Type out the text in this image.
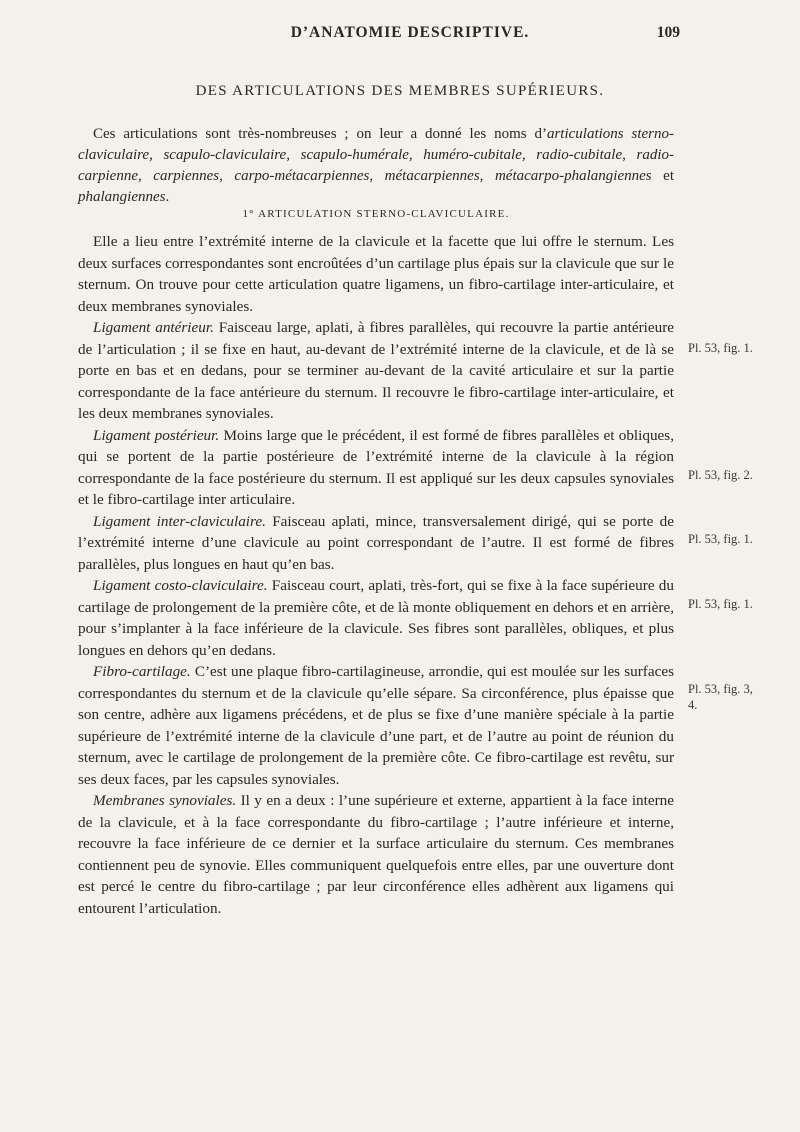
D’ANATOMIE DESCRIPTIVE.	109
DES ARTICULATIONS DES MEMBRES SUPÉRIEURS.

Ces articulations sont très-nombreuses ; on leur a donné les noms d’articulations sterno-claviculaire, scapulo-claviculaire, scapulo-humérale, huméro-cubitale, radio-cubitale, radio-carpienne, carpiennes, carpo-métacarpiennes, métacarpiennes, métacarpo-phalangiennes et phalangiennes.

1° ARTICULATION STERNO-CLAVICULAIRE.

Elle a lieu entre l’extrémité interne de la clavicule et la facette que lui offre le sternum. Les deux surfaces correspondantes sont encroûtées d’un cartilage plus épais sur la clavicule que sur le sternum. On trouve pour cette articulation quatre ligamens, un fibro-cartilage inter-articulaire, et deux membranes synoviales.

Ligament antérieur. Faisceau large, aplati, à fibres parallèles, qui recouvre la partie antérieure de l’articulation ; il se fixe en haut, au-devant de l’extrémité interne de la clavicule, et de là se porte en bas et en dedans, pour se terminer au-devant de la cavité articulaire et sur la partie correspondante de la face antérieure du sternum. Il recouvre le fibro-cartilage inter-articulaire, et les deux membranes synoviales.

Ligament postérieur. Moins large que le précédent, il est formé de fibres parallèles et obliques, qui se portent de la partie postérieure de l’extrémité interne de la clavicule à la région correspondante de la face postérieure du sternum. Il est appliqué sur les deux capsules synoviales et le fibro-cartilage inter articulaire.

Ligament inter-claviculaire. Faisceau aplati, mince, transversalement dirigé, qui se porte de l’extrémité interne d’une clavicule au point correspondant de l’autre. Il est formé de fibres parallèles, plus longues en haut qu’en bas.

Ligament costo-claviculaire. Faisceau court, aplati, très-fort, qui se fixe à la face supérieure du cartilage de prolongement de la première côte, et de là monte obliquement en dehors et en arrière, pour s’implanter à la face inférieure de la clavicule. Ses fibres sont parallèles, obliques, et plus longues en dehors qu’en dedans.

Fibro-cartilage. C’est une plaque fibro-cartilagineuse, arrondie, qui est moulée sur les surfaces correspondantes du sternum et de la clavicule qu’elle sépare. Sa circonférence, plus épaisse que son centre, adhère aux ligamens précédens, et de plus se fixe d’une manière spéciale à la partie supérieure de l’extrémité interne de la clavicule d’une part, et de l’autre au point de réunion du sternum, avec le cartilage de prolongement de la première côte. Ce fibro-cartilage est revêtu, sur ses deux faces, par les capsules synoviales.

Membranes synoviales. Il y en a deux : l’une supérieure et externe, appartient à la face interne de la clavicule, et à la face correspondante du fibro-cartilage ; l’autre inférieure et interne, recouvre la face inférieure de ce dernier et la surface articulaire du sternum. Ces membranes contiennent peu de synovie. Elles communiquent quelquefois entre elles, par une ouverture dont est percé le centre du fibro-cartilage ; par leur circonférence elles adhèrent aux ligamens qui entourent l’articulation.

Pl. 53, fig. 1.
Pl. 53, fig. 2.
Pl. 53, fig. 1.
Pl. 53, fig. 1.
Pl. 53, fig. 3,
4.
